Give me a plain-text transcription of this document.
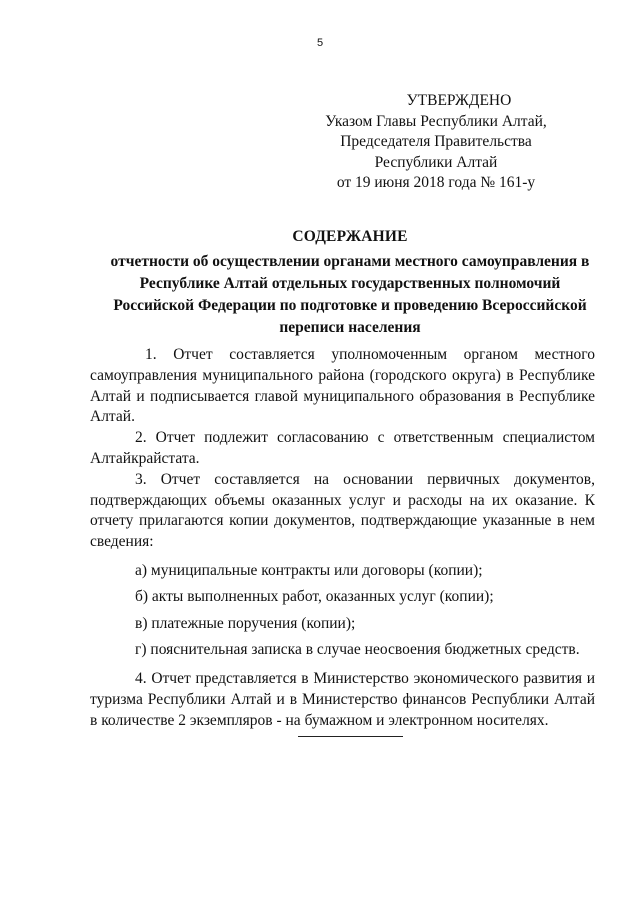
5
УТВЕРЖДЕНО
Указом Главы Республики Алтай,
Председателя Правительства
Республики Алтай
от 19 июня 2018 года № 161-у
СОДЕРЖАНИЕ
отчетности об осуществлении органами местного самоуправления в
Республике Алтай отдельных государственных полномочий
Российской Федерации по подготовке и проведению Всероссийской
переписи населения

1. Отчет составляется уполномоченным органом местного самоуправления муниципального района (городского округа) в Республике Алтай и подписывается главой муниципального образования в Республике Алтай.

2. Отчет подлежит согласованию с ответственным специалистом Алтайкрайстата.

3. Отчет составляется на основании первичных документов, подтверждающих объемы оказанных услуг и расходы на их оказание. К отчету прилагаются копии документов, подтверждающие указанные в нем сведения:

а) муниципальные контракты или договоры (копии);

б) акты выполненных работ, оказанных услуг (копии);

в) платежные поручения (копии);

г) пояснительная записка в случае неосвоения бюджетных средств.

4. Отчет представляется в Министерство экономического развития и туризма Республики Алтай и в Министерство финансов Республики Алтай в количестве 2 экземпляров - на бумажном и электронном носителях.
